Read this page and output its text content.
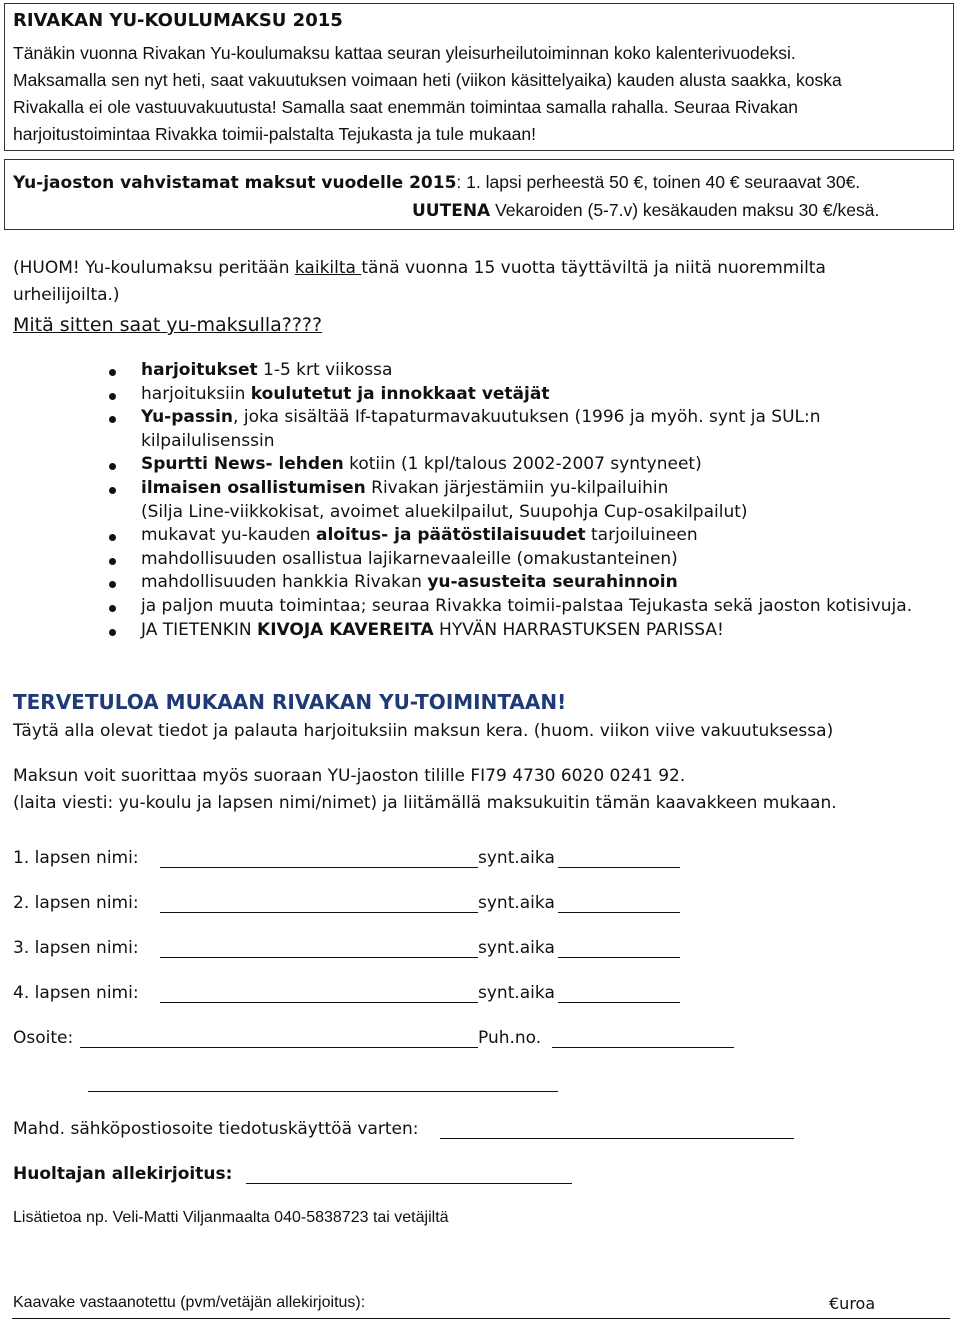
RIVAKAN YU-KOULUMAKSU 2015
Tänäkin vuonna Rivakan Yu-koulumaksu kattaa seuran yleisurheilutoiminnan koko kalenterivuodeksi.
Maksamalla sen nyt heti, saat vakuutuksen voimaan heti (viikon käsittelyaika) kauden alusta saakka, koska
Rivakalla ei ole vastuuvakuutusta! Samalla saat enemmän toimintaa samalla rahalla. Seuraa Rivakan
harjoitustoimintaa Rivakka toimii-palstalta Tejukasta ja tule mukaan!
Yu-jaoston vahvistamat maksut vuodelle 2015: 1. lapsi perheestä 50 €, toinen 40 € seuraavat 30€.
UUTENA Vekaroiden (5-7.v) kesäkauden maksu 30 €/kesä.
(HUOM! Yu-koulumaksu peritään kaikilta tänä vuonna 15 vuotta täyttäviltä ja niitä nuoremmilta
urheilijoilta.)
Mitä sitten saat yu-maksulla????
harjoitukset 1-5 krt viikossa
harjoituksiin koulutetut ja innokkaat vetäjät
Yu-passin, joka sisältää If-tapaturmavakuutuksen (1996 ja myöh. synt ja SUL:n
kilpailulisenssin
Spurtti News- lehden kotiin (1 kpl/talous 2002-2007 syntyneet)
ilmaisen osallistumisen Rivakan järjestämiin yu-kilpailuihin
(Silja Line-viikkokisat, avoimet aluekilpailut, Suupohja Cup-osakilpailut)
mukavat yu-kauden aloitus- ja päätöstilaisuudet tarjoiluineen
mahdollisuuden osallistua lajikarnevaaleille (omakustanteinen)
mahdollisuuden hankkia Rivakan yu-asusteita seurahinnoin
ja paljon muuta toimintaa; seuraa Rivakka toimii-palstaa Tejukasta sekä jaoston kotisivuja.
JA TIETENKIN KIVOJA KAVEREITA HYVÄN HARRASTUKSEN PARISSA!
TERVETULOA MUKAAN RIVAKAN YU-TOIMINTAAN!
Täytä alla olevat tiedot ja palauta harjoituksiin maksun kera. (huom. viikon viive vakuutuksessa)
Maksun voit suorittaa myös suoraan YU-jaoston tilille FI79 4730 6020 0241 92.
(laita viesti: yu-koulu ja lapsen nimi/nimet) ja liitämällä maksukuitin tämän kaavakkeen mukaan.
1. lapsen nimi:	synt.aika
2. lapsen nimi:	synt.aika
3. lapsen nimi:	synt.aika
4. lapsen nimi:	synt.aika
Osoite:	Puh.no.
Mahd. sähköpostiosoite tiedotuskäyttöä varten:
Huoltajan allekirjoitus:
Lisätietoa np. Veli-Matti Viljanmaalta 040-5838723 tai vetäjiltä
Kaavake vastaanotettu (pvm/vetäjän allekirjoitus):	€uroa
